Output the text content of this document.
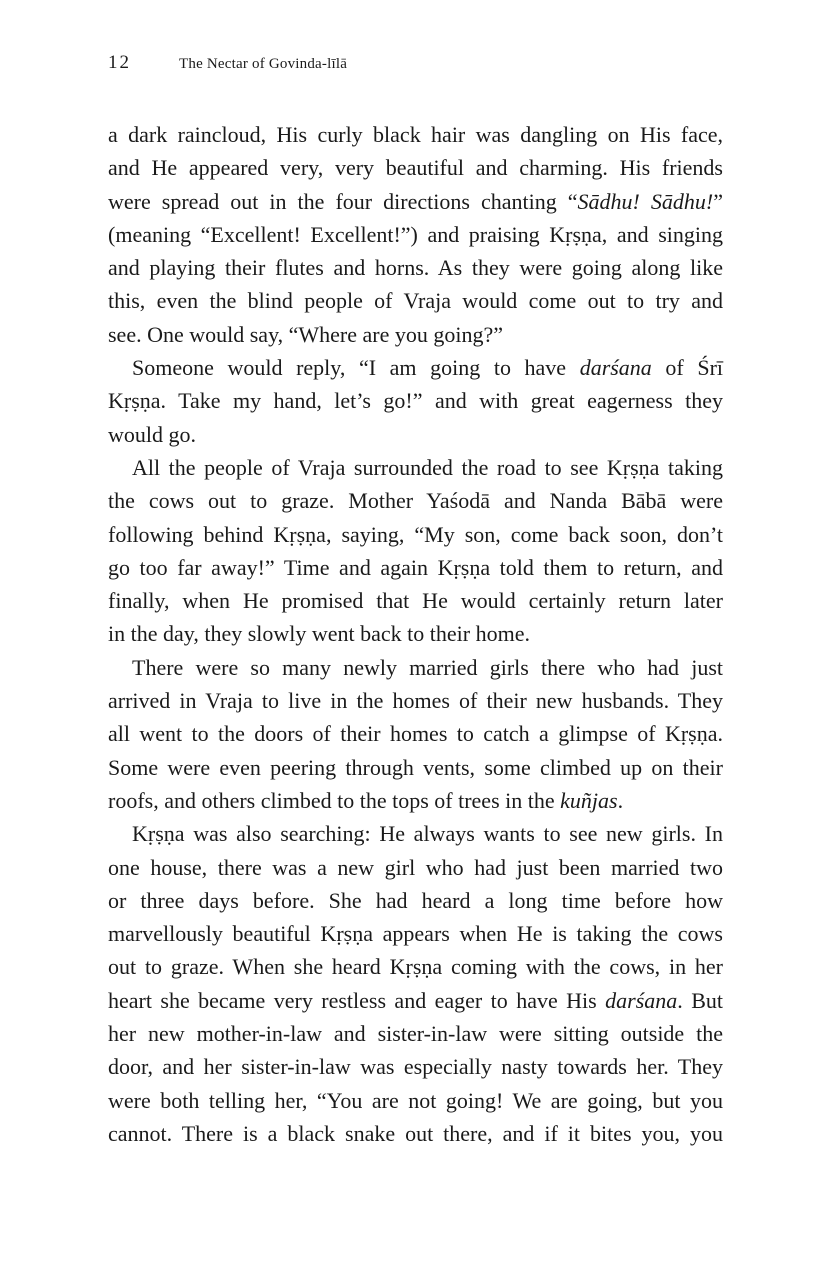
12	The Nectar of Govinda-līlā
a dark raincloud, His curly black hair was dangling on His face,
and He appeared very, very beautiful and charming. His friends
were spread out in the four directions chanting “Sādhu! Sādhu!”
(meaning “Excellent! Excellent!”) and praising Kṛṣṇa, and singing
and playing their flutes and horns. As they were going along like
this, even the blind people of Vraja would come out to try and
see. One would say, “Where are you going?”
Someone would reply, “I am going to have darśana of Śrī
Kṛṣṇa. Take my hand, let’s go!” and with great eagerness they
would go.
All the people of Vraja surrounded the road to see Kṛṣṇa taking
the cows out to graze. Mother Yaśodā and Nanda Bābā were
following behind Kṛṣṇa, saying, “My son, come back soon, don’t
go too far away!” Time and again Kṛṣṇa told them to return, and
finally, when He promised that He would certainly return later
in the day, they slowly went back to their home.
There were so many newly married girls there who had just
arrived in Vraja to live in the homes of their new husbands. They
all went to the doors of their homes to catch a glimpse of Kṛṣṇa.
Some were even peering through vents, some climbed up on their
roofs, and others climbed to the tops of trees in the kuñjas.
Kṛṣṇa was also searching: He always wants to see new girls. In
one house, there was a new girl who had just been married two
or three days before. She had heard a long time before how
marvellously beautiful Kṛṣṇa appears when He is taking the cows
out to graze. When she heard Kṛṣṇa coming with the cows, in her
heart she became very restless and eager to have His darśana. But
her new mother-in-law and sister-in-law were sitting outside the
door, and her sister-in-law was especially nasty towards her. They
were both telling her, “You are not going! We are going, but you
cannot. There is a black snake out there, and if it bites you, you
